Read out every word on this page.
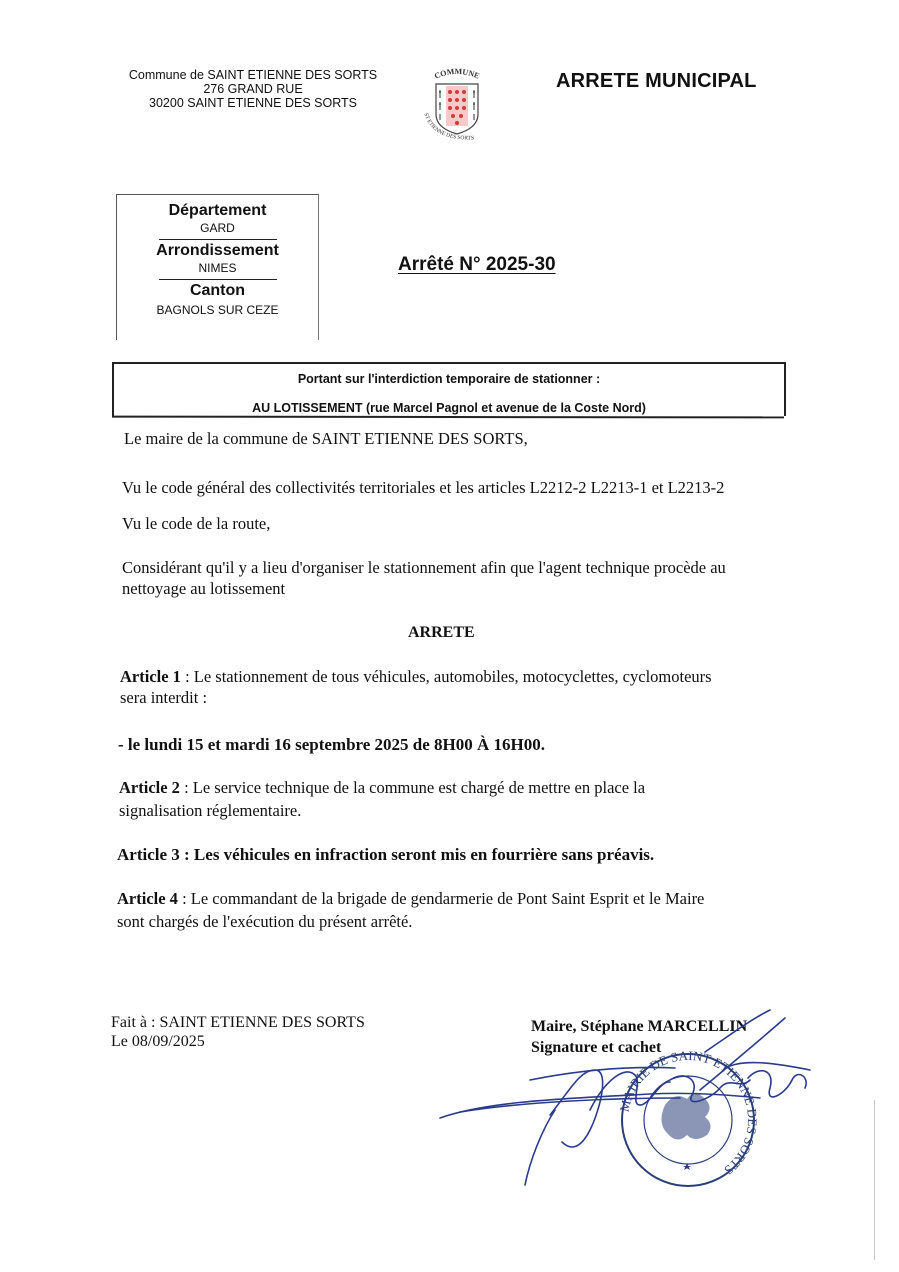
Commune de SAINT ETIENNE DES SORTS
276 GRAND RUE
30200 SAINT ETIENNE DES SORTS
COMMUNE
ST ETIENNE DES SORTS
ARRETE MUNICIPAL
Département
GARD
Arrondissement
NIMES
Canton
BAGNOLS SUR CEZE
Arrêté N° 2025-30
Portant sur l'interdiction temporaire de stationner :
AU LOTISSEMENT (rue Marcel Pagnol et avenue de la Coste Nord)
Le maire de la commune de SAINT ETIENNE DES SORTS,
Vu le code général des collectivités territoriales et les articles L2212-2 L2213-1 et L2213-2
Vu le code de la route,
Considérant qu'il y a lieu d'organiser le stationnement afin que l'agent technique procède au
nettoyage au lotissement
ARRETE
Article 1 : Le stationnement de tous véhicules, automobiles, motocyclettes, cyclomoteurs
sera interdit :
- le lundi 15 et mardi 16 septembre 2025 de 8H00 À 16H00.
Article 2 : Le service technique de la commune est chargé de mettre en place la
signalisation réglementaire.
Article 3 : Les véhicules en infraction seront mis en fourrière sans préavis.
Article 4 : Le commandant de la brigade de gendarmerie de Pont Saint Esprit et le Maire
sont chargés de l'exécution du présent arrêté.
Fait à : SAINT ETIENNE DES SORTS
Le 08/09/2025
Maire, Stéphane MARCELLIN
Signature et cachet
MAIRIE DE SAINT ETIENNE DES SORTS
